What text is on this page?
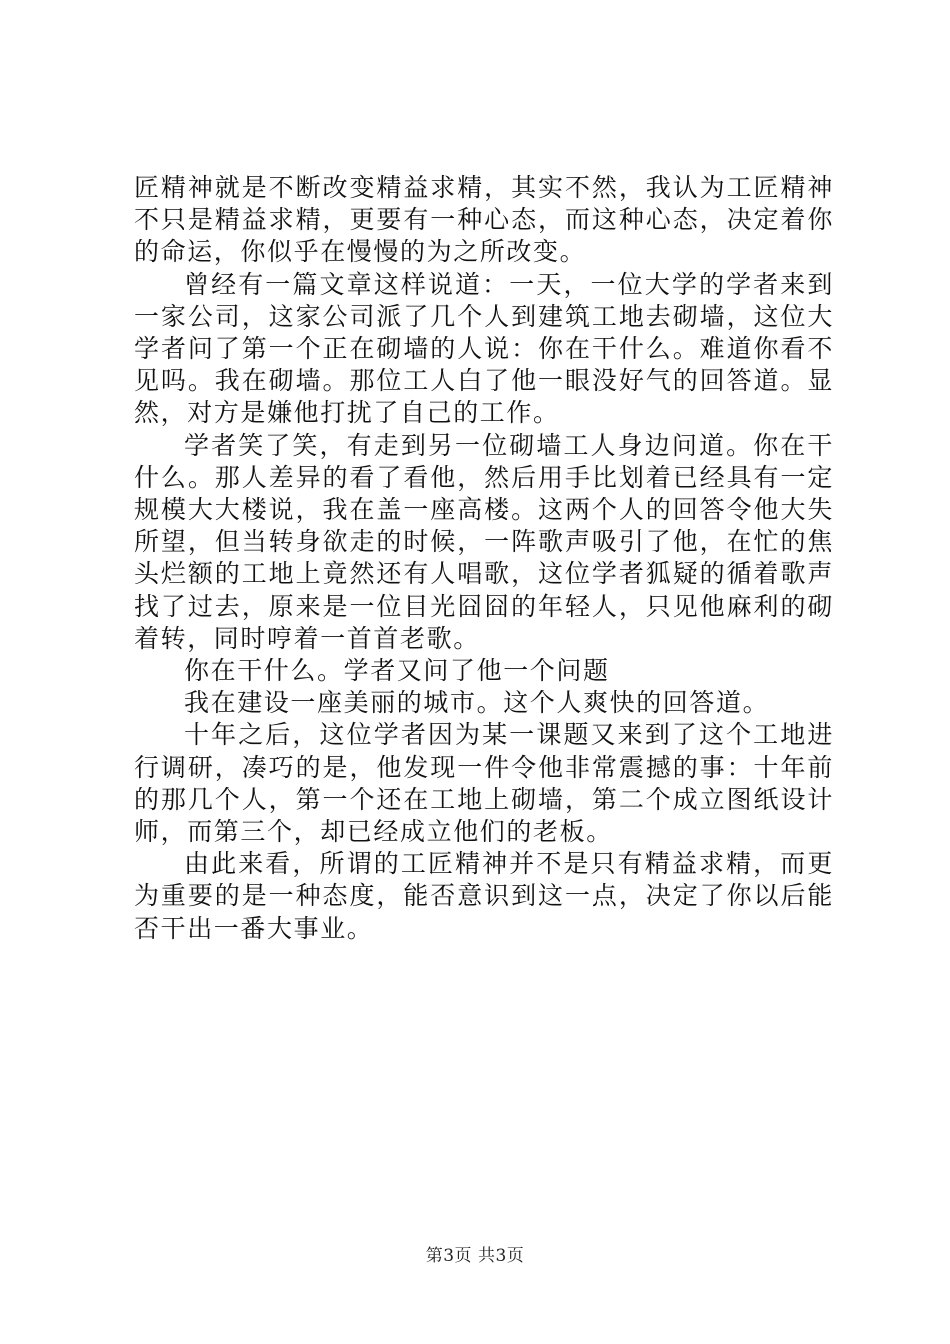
匠精神就是不断改变精益求精，其实不然，我认为工匠精神不只是精益求精，更要有一种心态，而这种心态，决定着你的命运，你似乎在慢慢的为之所改变。

曾经有一篇文章这样说道：一天，一位大学的学者来到一家公司，这家公司派了几个人到建筑工地去砌墙，这位大学者问了第一个正在砌墙的人说：你在干什么。难道你看不见吗。我在砌墙。那位工人白了他一眼没好气的回答道。显然，对方是嫌他打扰了自己的工作。

学者笑了笑，有走到另一位砌墙工人身边问道。你在干什么。那人差异的看了看他，然后用手比划着已经具有一定规模大大楼说，我在盖一座高楼。这两个人的回答令他大失所望，但当转身欲走的时候，一阵歌声吸引了他，在忙的焦头烂额的工地上竟然还有人唱歌，这位学者狐疑的循着歌声找了过去，原来是一位目光囧囧的年轻人，只见他麻利的砌着转，同时哼着一首首老歌。

你在干什么。学者又问了他一个问题

我在建设一座美丽的城市。这个人爽快的回答道。

十年之后，这位学者因为某一课题又来到了这个工地进行调研，凑巧的是，他发现一件令他非常震撼的事：十年前的那几个人，第一个还在工地上砌墙，第二个成立图纸设计师，而第三个，却已经成立他们的老板。

由此来看，所谓的工匠精神并不是只有精益求精，而更为重要的是一种态度，能否意识到这一点，决定了你以后能否干出一番大事业。

第3页 共3页
